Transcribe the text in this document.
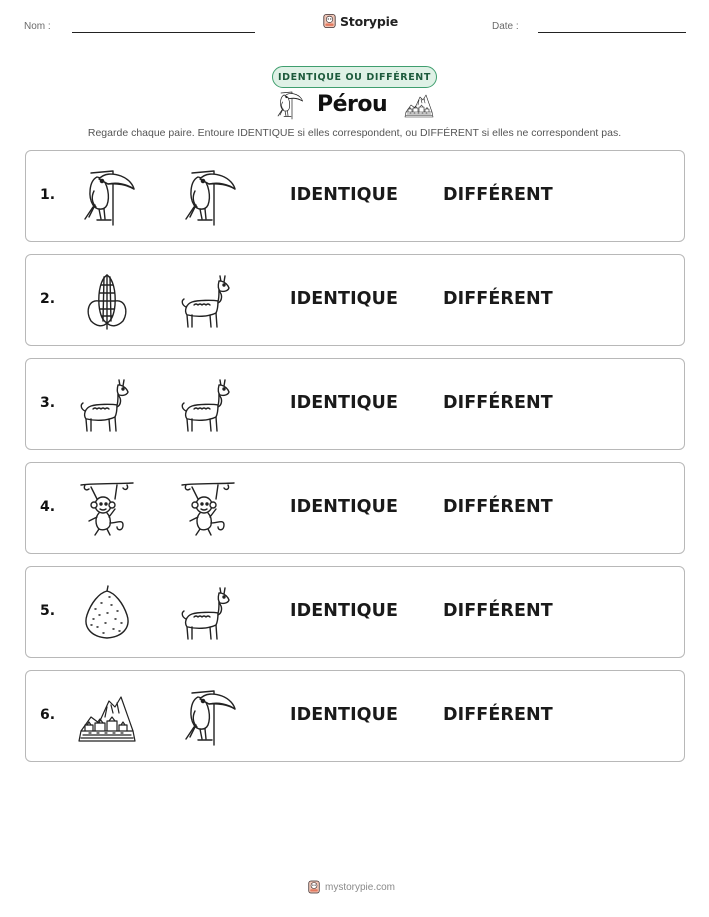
Nom :	Storypie	Date :
IDENTIQUE OU DIFFÉRENT
Pérou
Regarde chaque paire. Entoure IDENTIQUE si elles correspondent, ou DIFFÉRENT si elles ne correspondent pas.
1.	IDENTIQUE	DIFFÉRENT
2.	IDENTIQUE	DIFFÉRENT
3.	IDENTIQUE	DIFFÉRENT
4.	IDENTIQUE	DIFFÉRENT
5.	IDENTIQUE	DIFFÉRENT
6.	IDENTIQUE	DIFFÉRENT
mystorypie.com
